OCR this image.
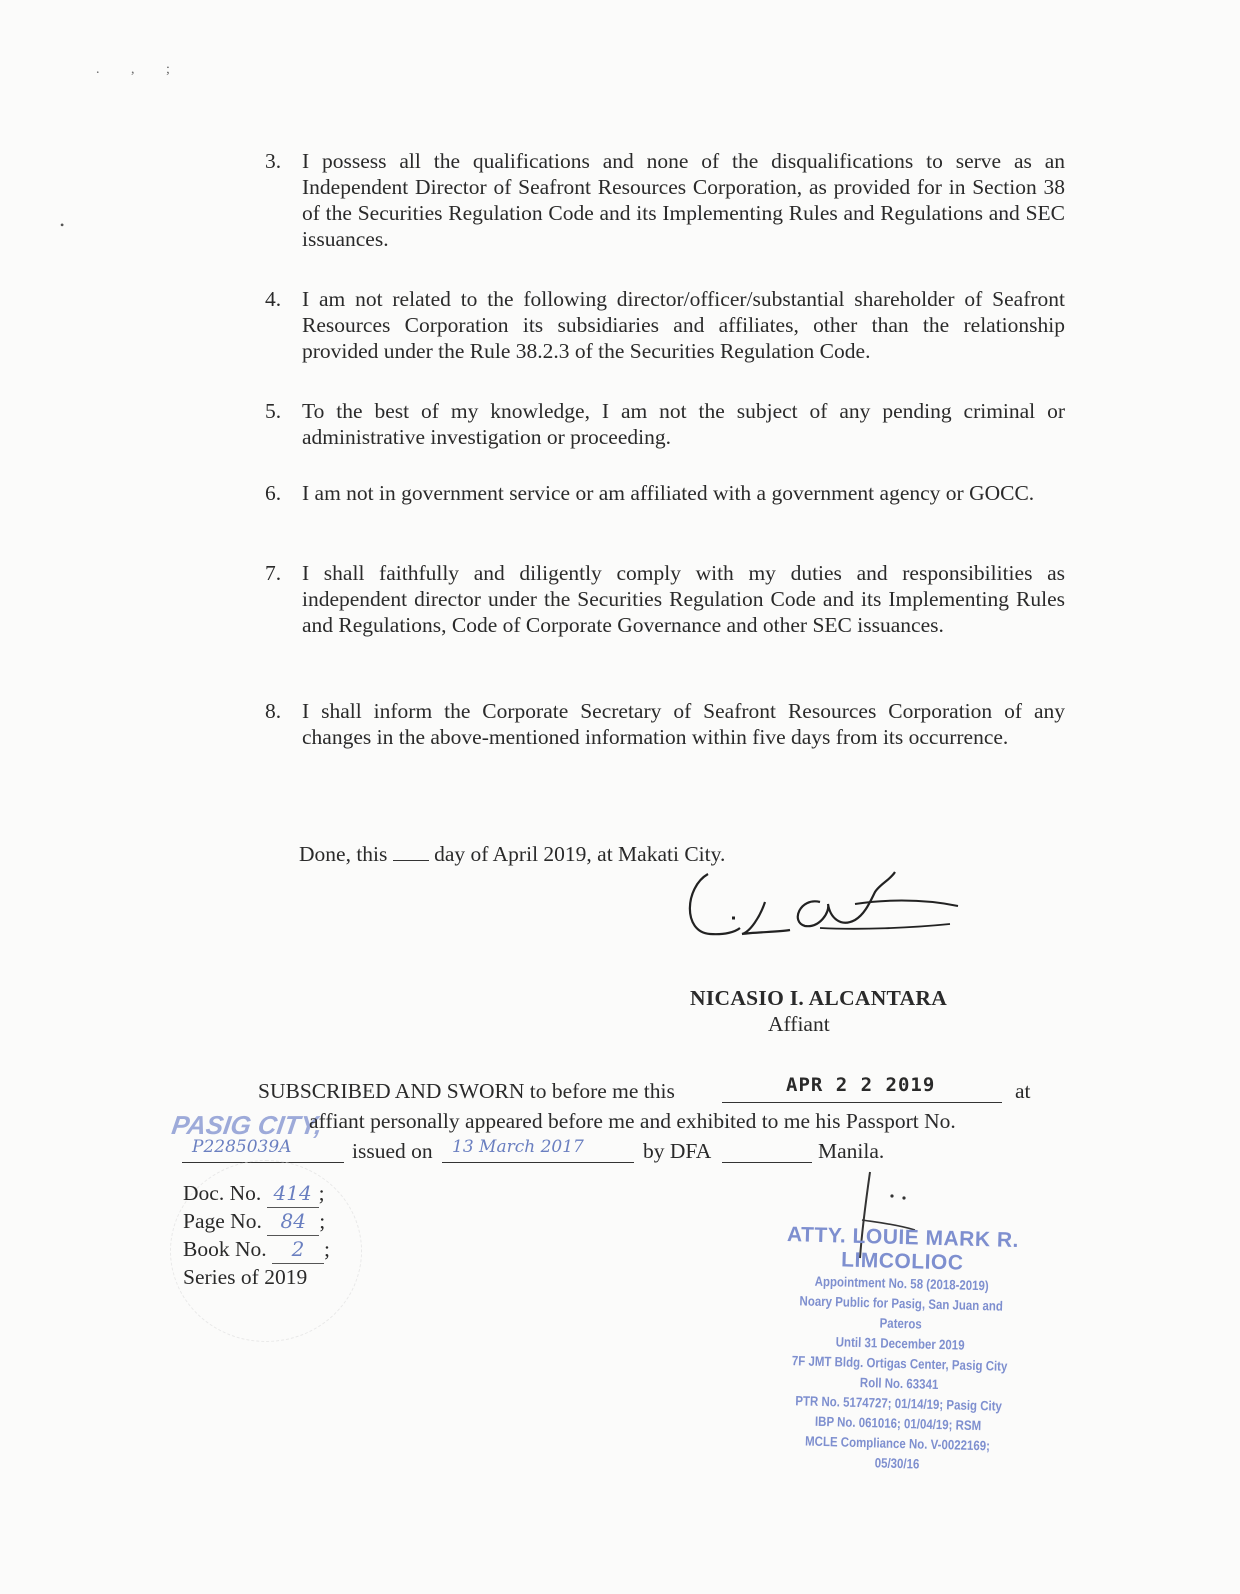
. , ;
•
3. I possess all the qualifications and none of the disqualifications to serve as an Independent Director of Seafront Resources Corporation, as provided for in Section 38 of the Securities Regulation Code and its Implementing Rules and Regulations and SEC issuances.
4. I am not related to the following director/officer/substantial shareholder of Seafront Resources Corporation its subsidiaries and affiliates, other than the relationship provided under the Rule 38.2.3 of the Securities Regulation Code.
5. To the best of my knowledge, I am not the subject of any pending criminal or administrative investigation or proceeding.
6. I am not in government service or am affiliated with a government agency or GOCC.
7. I shall faithfully and diligently comply with my duties and responsibilities as independent director under the Securities Regulation Code and its Implementing Rules and Regulations, Code of Corporate Governance and other SEC issuances.
8. I shall inform the Corporate Secretary of Seafront Resources Corporation of any changes in the above-mentioned information within five days from its occurrence.
Done, this day of April 2019, at Makati City.
NICASIO I. ALCANTARA
Affiant
SUBSCRIBED AND SWORN to before me this	APR 2 2 2019	at
PASIG CITY,
affiant personally appeared before me and exhibited to me his Passport No.
P2285039A	issued on 13 March 2017	by DFA	Manila.
Doc. No. 414 ;
Page No. 84 ;
Book No. 2 ;
Series of 2019
ATTY. LOUIE MARK R. LIMCOLIOC
Appointment No. 58 (2018-2019)
Noary Public for Pasig, San Juan and Pateros
Until 31 December 2019
7F JMT Bldg. Ortigas Center, Pasig City
Roll No. 63341
PTR No. 5174727; 01/14/19; Pasig City
IBP No. 061016; 01/04/19; RSM
MCLE Compliance No. V-0022169; 05/30/16
